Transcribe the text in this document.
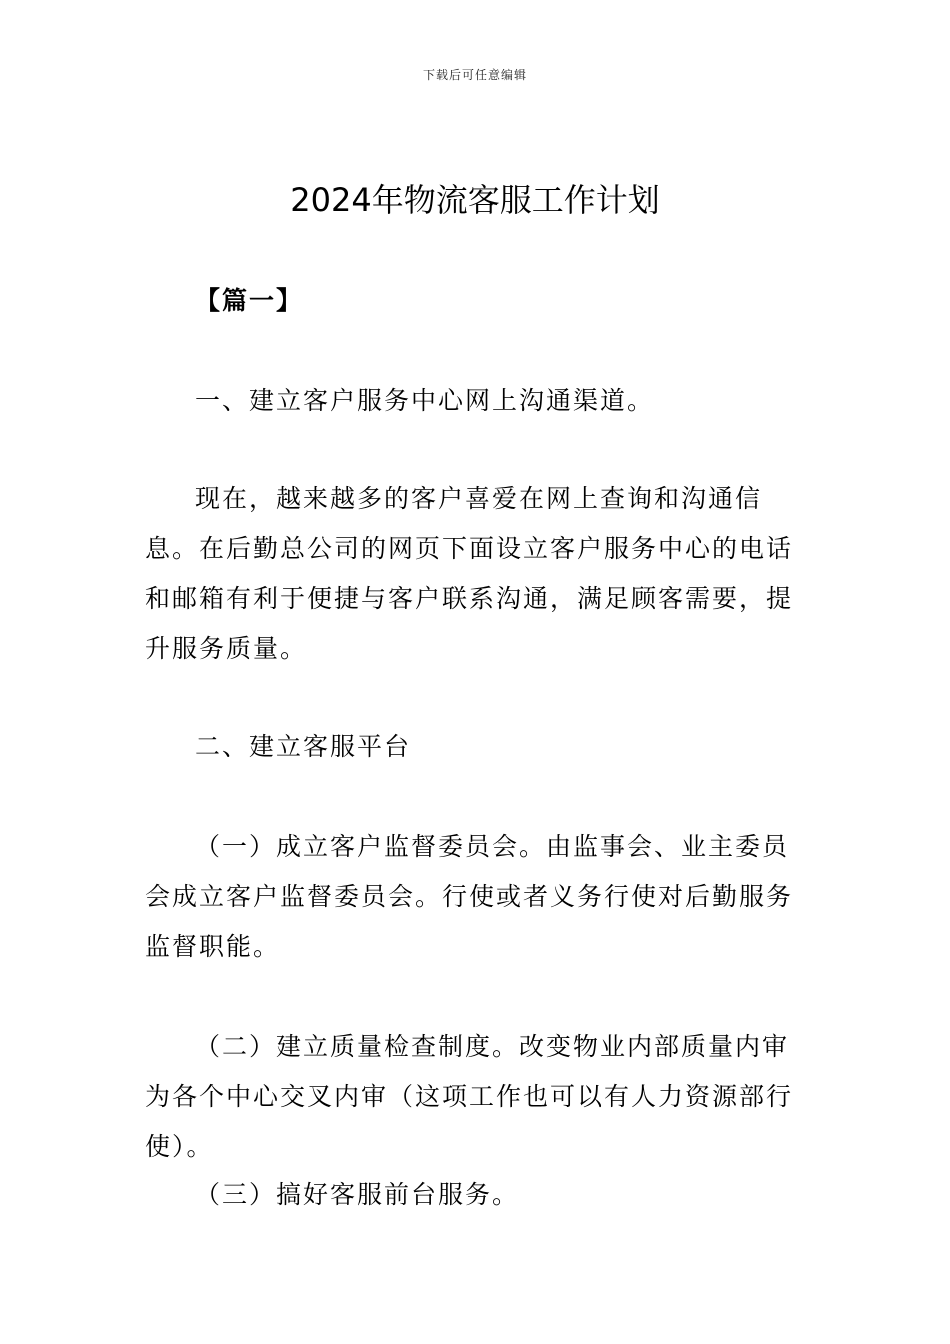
下载后可任意编辑
2024年物流客服工作计划

【篇一】

一、建立客户服务中心网上沟通渠道。

现在，越来越多的客户喜爱在网上查询和沟通信息。在后勤总公司的网页下面设立客户服务中心的电话和邮箱有利于便捷与客户联系沟通，满足顾客需要，提升服务质量。

二、建立客服平台

（一）成立客户监督委员会。由监事会、业主委员会成立客户监督委员会。行使或者义务行使对后勤服务监督职能。

（二）建立质量检查制度。改变物业内部质量内审为各个中心交叉内审（这项工作也可以有人力资源部行使）。

（三）搞好客服前台服务。
